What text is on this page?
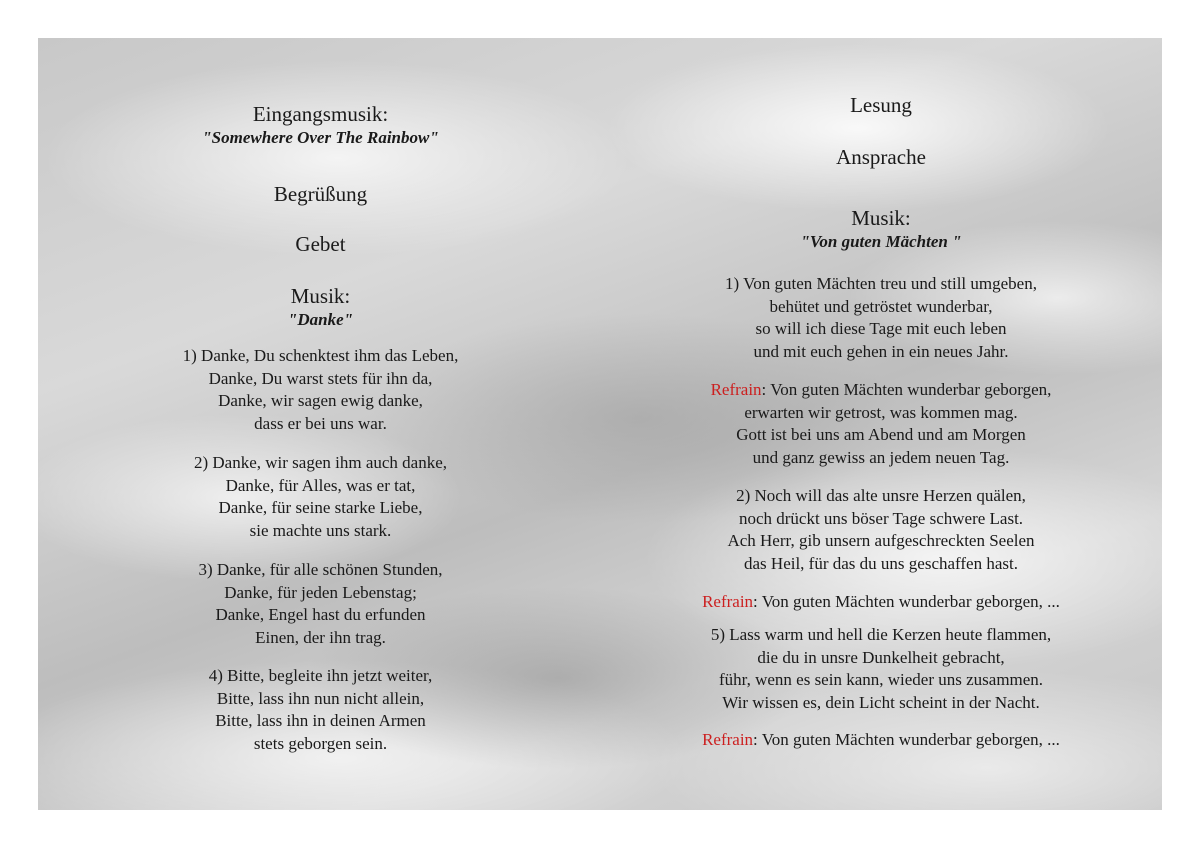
Eingangsmusik:
"Somewhere Over The Rainbow"
Begrüßung
Gebet
Musik:
"Danke"
1) Danke, Du schenktest ihm das Leben,
Danke, Du warst stets für ihn da,
Danke, wir sagen ewig danke,
dass er bei uns war.
2) Danke, wir sagen ihm auch danke,
Danke, für Alles, was er tat,
Danke, für seine starke Liebe,
sie machte uns stark.
3) Danke, für alle schönen Stunden,
Danke, für jeden Lebenstag;
Danke, Engel hast du erfunden
Einen, der ihn trag.
4) Bitte, begleite ihn jetzt weiter,
Bitte, lass ihn nun nicht allein,
Bitte, lass ihn in deinen Armen
stets geborgen sein.
Lesung
Ansprache
Musik:
"Von guten Mächten "
1) Von guten Mächten treu und still umgeben,
behütet und getröstet wunderbar,
so will ich diese Tage mit euch leben
und mit euch gehen in ein neues Jahr.
Refrain: Von guten Mächten wunderbar geborgen,
erwarten wir getrost, was kommen mag.
Gott ist bei uns am Abend und am Morgen
und ganz gewiss an jedem neuen Tag.
2) Noch will das alte unsre Herzen quälen,
noch drückt uns böser Tage schwere Last.
Ach Herr, gib unsern aufgeschreckten Seelen
das Heil, für das du uns geschaffen hast.
Refrain: Von guten Mächten wunderbar geborgen, ...
5) Lass warm und hell die Kerzen heute flammen,
die du in unsre Dunkelheit gebracht,
führ, wenn es sein kann, wieder uns zusammen.
Wir wissen es, dein Licht scheint in der Nacht.
Refrain: Von guten Mächten wunderbar geborgen, ...
